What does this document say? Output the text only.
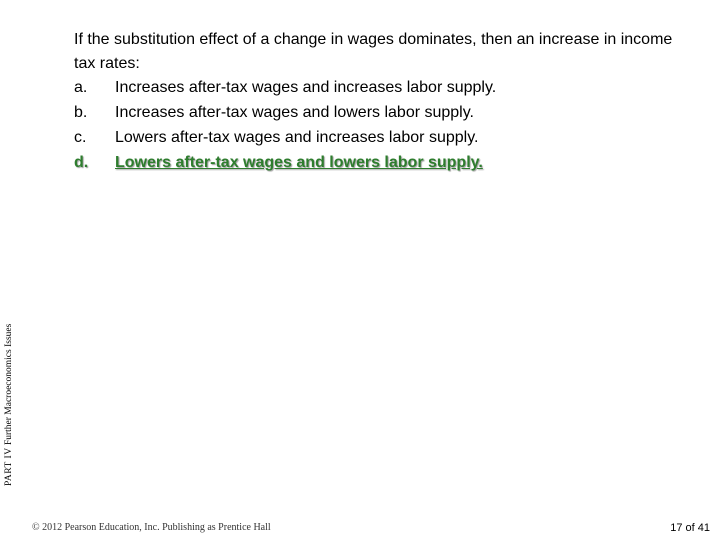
If the substitution effect of a change in wages dominates, then an increase in income tax rates:

a.	Increases after-tax wages and increases labor supply.
b.	Increases after-tax wages and lowers labor supply.
c.	Lowers after-tax wages and increases labor supply.
d.	Lowers after-tax wages and lowers labor supply.
PART IV Further Macroeconomics Issues
© 2012 Pearson Education, Inc. Publishing as Prentice Hall	17 of 41
